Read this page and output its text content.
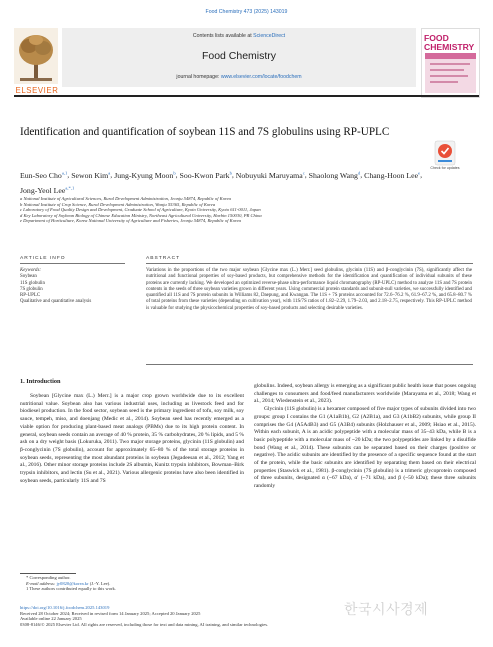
Food Chemistry 473 (2025) 143019
Contents lists available at ScienceDirect
Food Chemistry
journal homepage: www.elsevier.com/locate/foodchem
ELSEVIER
FOOD CHEMISTRY
Identification and quantification of soybean 11S and 7S globulins using RP-UPLC
Check for updates
Eun-Seo Cho$^{a,1}$, Sewon Kim$^a$, Jung-Kyung Moon$^b$, Soo-Kwon Park$^b$, Nobuyuki Maruyama$^c$, Shaolong Wang$^d$, Chang-Hoon Lee$^e$, Jong-Yeol Lee$^{a,*,1}$
a National Institute of Agricultural Sciences, Rural Development Administration, Jeonju 54874, Republic of Korea
b National Institute of Crop Science, Rural Development Administration, Wanju 55365, Republic of Korea
c Laboratory of Food Quality Design and Development, Graduate School of Agriculture, Kyoto University, Kyoto 611-0011, Japan
d Key Laboratory of Soybean Biology of Chinese Education Ministry, Northeast Agricultural University, Harbin 150030, PR China
e Department of Horticulture, Korea National University of Agriculture and Fisheries, Jeonju 54874, Republic of Korea
ARTICLE INFO	ABSTRACT
Keywords:
Soybean
11S globulin
7S globulin
RP-UPLC
Qualitative and quantitative analysis
Variations in the proportions of the two major soybean [Glycine max (L.) Merr.] seed globulins, glycinin (11S) and β-conglycinin (7S), significantly affect the nutritional and functional properties of soy-based products, but comprehensive methods for the identification and quantification of individual subunits of these proteins are currently lacking. We developed an optimized reverse-phase ultra-performance liquid chromatography (RP-UPLC) method to analyze 11S and 7S protein contents in the seeds of three soybean varieties grown in different years. Using commercial protein standards and subunit-null varieties, we successfully identified and quantified all 11S and 7S protein subunits in Williams 82, Daepung, and Kwangan. The 11S + 7S proteins accounted for 72.6–76.2 %, 61.9–67.2 %, and 65.8–80.7 % of total proteins from these varieties (depending on cultivation year), with 11S/7S ratios of 1.82–2.29, 1.79–2.03, and 2.18–2.75, respectively. This RP-UPLC method is valuable for studying the physicochemical properties of soy-based products and selecting desirable varieties.
1. Introduction

Soybean [Glycine max (L.) Merr.] is a major crop grown worldwide due to its excellent nutritional value. Soybean also has various industrial uses, including as livestock feed and for biodiesel production. In the food sector, soybean seed is the primary ingredient of tofu, soy milk, soy sauce, tempeh, miso, and doenjang (Medic et al., 2014). Soybean seed has recently emerged as a viable option for producing plant-based meat analogs (PBMs) due to its high protein content. In general, soybean seeds contain an average of 40 % protein, 35 % carbohydrates, 20 % lipids, and 5 % ash on a dry weight basis (Lokuruka, 2011). Two major storage proteins, glycinin (11S globulin) and β-conglycinin (7S globulin), account for approximately 65–80 % of the total storage proteins in soybean seeds, representing the most abundant proteins in soybean (Jegadeesan et al., 2012; Yang et al., 2016). Other minor storage proteins include 2S albumin, Kunitz trypsin inhibitors, Bowman–Birk trypsin inhibitors, and lectin (Su et al., 2021). Various allergenic proteins have also been identified in soybean seeds, particularly 11S and 7S

globulins. Indeed, soybean allergy is emerging as a significant public health issue that poses ongoing challenges to consumers and food/feed manufacturers worldwide (Marayama et al., 2018; Wang et al., 2014; Wiedenstein et al., 2023).

Glycinin (11S globulin) is a hexamer composed of five major types of subunits divided into two groups: group I contains the G1 (A1aB1b), G2 (A2B1a), and G3 (A1bB2) subunits, while group II comprises the G4 (A5A4B3) and G5 (A3B4) subunits (Holzhauser et al., 2009; Hsiao et al., 2015). Within each subunit, A is an acidic polypeptide with a molecular mass of 35–43 kDa, while B is a basic polypeptide with a molecular mass of ~20 kDa; the two polypeptides are linked by a disulfide bond (Wang et al., 2014). These subunits can be separated based on their charges (positive or negative). The acidic subunits are identified by the presence of a specific sequence found at the start of the protein, while the basic subunits are identified by separating them based on their electrical properties (Staswick et al., 1981). β-conglycinin (7S globulin) is a trimeric glycoprotein composed of three subunits, designated α (~67 kDa), α′ (~71 kDa), and β (~50 kDa); these three subunits randomly

* Corresponding author.
E-mail address: jy0820@korea.kr (J.-Y. Lee).
1 These authors contributed equally to this work.
https://doi.org/10.1016/j.foodchem.2025.143019
Received 28 October 2024; Received in revised form 14 January 2025; Accepted 20 January 2025
Available online 22 January 2025
0308-8146/© 2025 Elsevier Ltd. All rights are reserved, including those for text and data mining, AI training, and similar technologies.
한국시사경제
